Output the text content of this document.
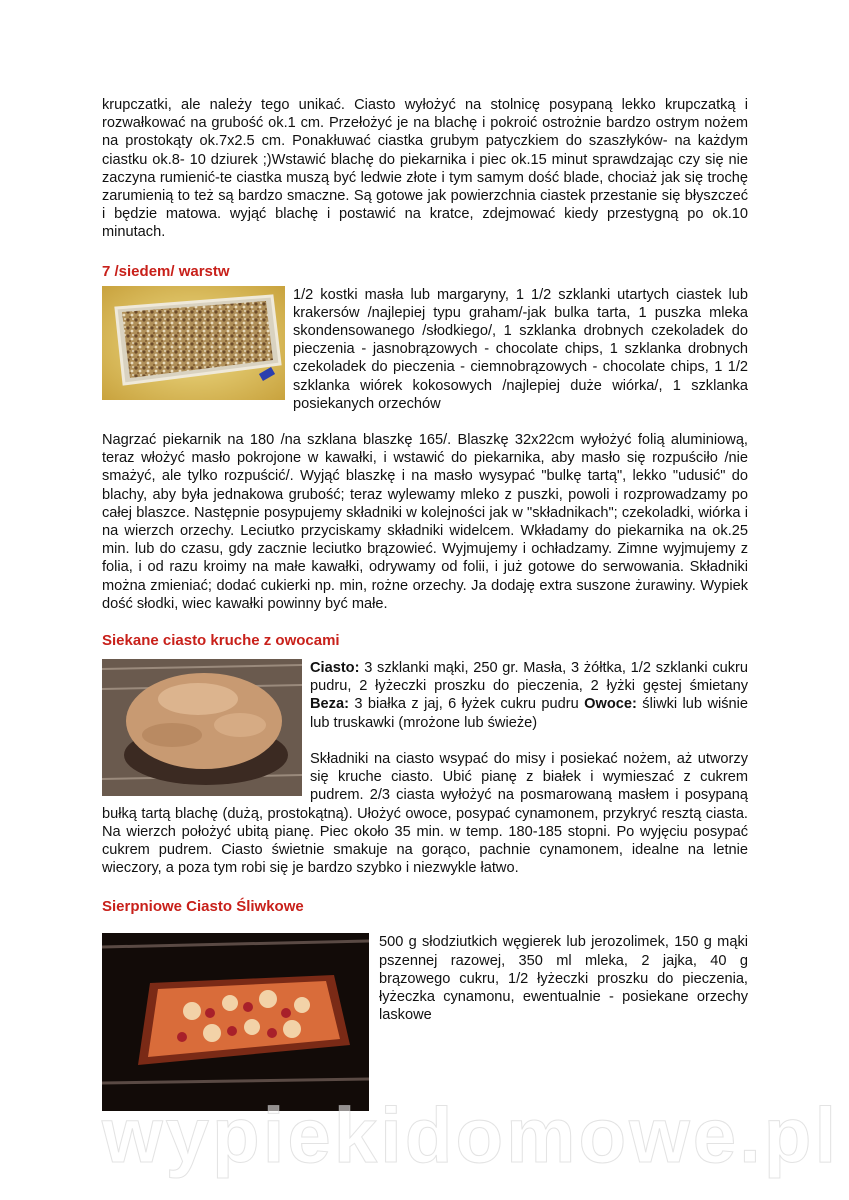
krupczatki, ale należy tego unikać. Ciasto wyłożyć na stolnicę posypaną lekko krupczatką i rozwałkować na grubość ok.1 cm. Przełożyć je na blachę i pokroić ostrożnie bardzo ostrym nożem na prostokąty ok.7x2.5 cm. Ponakłuwać ciastka grubym patyczkiem do szaszłyków- na każdym ciastku ok.8- 10 dziurek ;)Wstawić blachę do piekarnika i piec ok.15 minut sprawdzając czy się nie zaczyna rumienić-te ciastka muszą być ledwie złote i tym samym dość blade, chociaż jak się trochę zarumienią to też są bardzo smaczne. Są gotowe jak powierzchnia ciastek przestanie się błyszczeć i będzie matowa. wyjąć blachę i postawić na kratce, zdejmować kiedy przestygną po ok.10 minutach.

7 /siedem/ warstw

1/2 kostki masła lub margaryny, 1 1/2 szklanki utartych ciastek lub krakersów /najlepiej typu graham/-jak bulka tarta, 1 puszka mleka skondensowanego /słodkiego/, 1 szklanka drobnych czekoladek do pieczenia - jasnobrązowych - chocolate chips, 1 szklanka drobnych czekoladek do pieczenia - ciemnobrązowych - chocolate chips, 1 1/2 szklanka wiórek kokosowych /najlepiej duże wiórka/, 1 szklanka posiekanych orzechów

Nagrzać piekarnik na 180 /na szklana blaszkę 165/. Blaszkę 32x22cm wyłożyć folią aluminiową, teraz włożyć masło pokrojone w kawałki, i wstawić do piekarnika, aby masło się rozpuściło /nie smażyć, ale tylko rozpuścić/. Wyjąć blaszkę i na masło wysypać "bulkę tartą", lekko "udusić" do blachy, aby była jednakowa grubość; teraz wylewamy mleko z puszki, powoli i rozprowadzamy po całej blaszce. Następnie posypujemy składniki w kolejności jak w "składnikach"; czekoladki, wiórka i na wierzch orzechy. Leciutko przyciskamy składniki widelcem. Wkładamy do piekarnika na ok.25 min. lub do czasu, gdy zacznie leciutko brązowieć. Wyjmujemy i ochładzamy. Zimne wyjmujemy z folia, i od razu kroimy na małe kawałki, odrywamy od folii, i już gotowe do serwowania. Składniki można zmieniać; dodać cukierki np. min, rożne orzechy. Ja dodaję extra suszone żurawiny. Wypiek dość słodki, wiec kawałki powinny być małe.

Siekane ciasto kruche z owocami

Ciasto: 3 szklanki mąki, 250 gr. Masła, 3 żółtka, 1/2 szklanki cukru pudru, 2 łyżeczki proszku do pieczenia, 2 łyżki gęstej śmietany Beza: 3 białka z jaj, 6 łyżek cukru pudru Owoce: śliwki lub wiśnie lub truskawki (mrożone lub świeże)

Składniki na ciasto wsypać do misy i posiekać nożem, aż utworzy się kruche ciasto. Ubić pianę z białek i wymieszać z cukrem pudrem. 2/3 ciasta wyłożyć na posmarowaną masłem i posypaną bułką tartą blachę (dużą, prostokątną). Ułożyć owoce, posypać cynamonem, przykryć resztą ciasta. Na wierzch położyć ubitą pianę. Piec około 35 min. w temp. 180-185 stopni. Po wyjęciu posypać cukrem pudrem. Ciasto świetnie smakuje na gorąco, pachnie cynamonem, idealne na letnie wieczory, a poza tym robi się je bardzo szybko i niezwykle łatwo.

Sierpniowe Ciasto Śliwkowe

500 g słodziutkich węgierek lub jerozolimek, 150 g mąki pszennej razowej, 350 ml mleka, 2 jajka, 40 g brązowego cukru, 1/2 łyżeczki proszku do pieczenia, łyżeczka cynamonu, ewentualnie - posiekane orzechy laskowe

wypiekidomowe.pl
